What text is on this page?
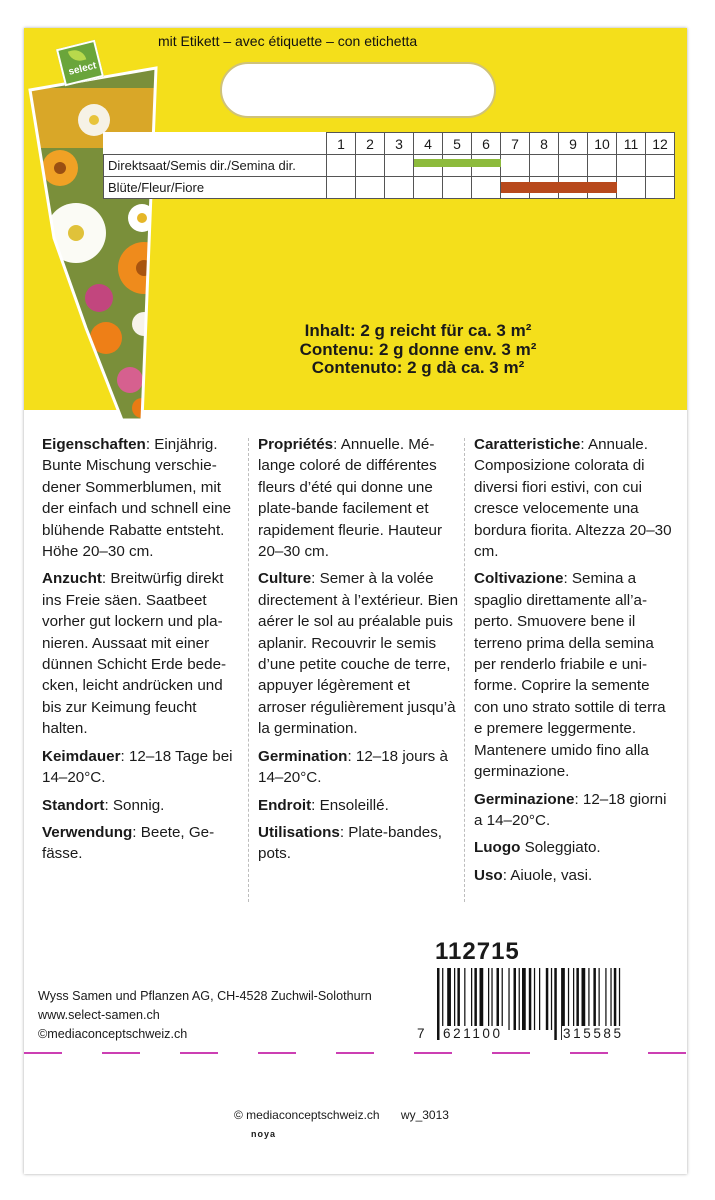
mit Etikett – avec étiquette – con etichetta
select
	1	2	3	4	5	6	7	8	9	10	11	12
Direktsaat/Semis dir./Semina dir.												
Blüte/Fleur/Fiore												
Inhalt: 2 g reicht für ca. 3 m²
Contenu: 2 g donne env. 3 m²
Contenuto: 2 g dà ca. 3 m²

Eigenschaften: Einjährig. Bunte Mischung verschiedener Sommerblumen, mit der einfach und schnell eine blühende Rabatte entsteht. Höhe 20–30 cm.

Anzucht: Breitwürfig direkt ins Freie säen. Saatbeet vorher gut lockern und planieren. Aussaat mit einer dünnen Schicht Erde bedecken, leicht andrücken und bis zur Keimung feucht halten.

Keimdauer: 12–18 Tage bei 14–20°C.

Standort: Sonnig.

Verwendung: Beete, Gefässe.

Propriétés: Annuelle. Mélange coloré de différentes fleurs d’été qui donne une plate-bande facilement et rapidement fleurie. Hauteur 20–30 cm.

Culture: Semer à la volée directement à l’extérieur. Bien aérer le sol au préalable puis aplanir. Recouvrir le semis d’une petite couche de terre, appuyer légèrement et arroser régulièrement jusqu’à la germination.

Germination: 12–18 jours à 14–20°C.

Endroit: Ensoleillé.

Utilisations: Plate-bandes, pots.

Caratteristiche: Annuale. Composizione colorata di diversi fiori estivi, con cui cresce velocemente una bordura fiorita. Altezza 20–30 cm.

Coltivazione: Semina a spaglio direttamente all’aperto. Smuovere bene il terreno prima della semina per renderlo friabile e uniforme. Coprire la semente con uno strato sottile di terra e premere leggermente. Mantenere umido fino alla germinazione.

Germinazione: 12–18 giorni a 14–20°C.

Luogo Soleggiato.

Uso: Aiuole, vasi.

112715
7 621100	315585
Wyss Samen und Pflanzen AG, CH-4528 Zuchwil-Solothurn
www.select-samen.ch
©mediaconceptschweiz.ch
© mediaconceptschweiz.ch wy_3013
noya
